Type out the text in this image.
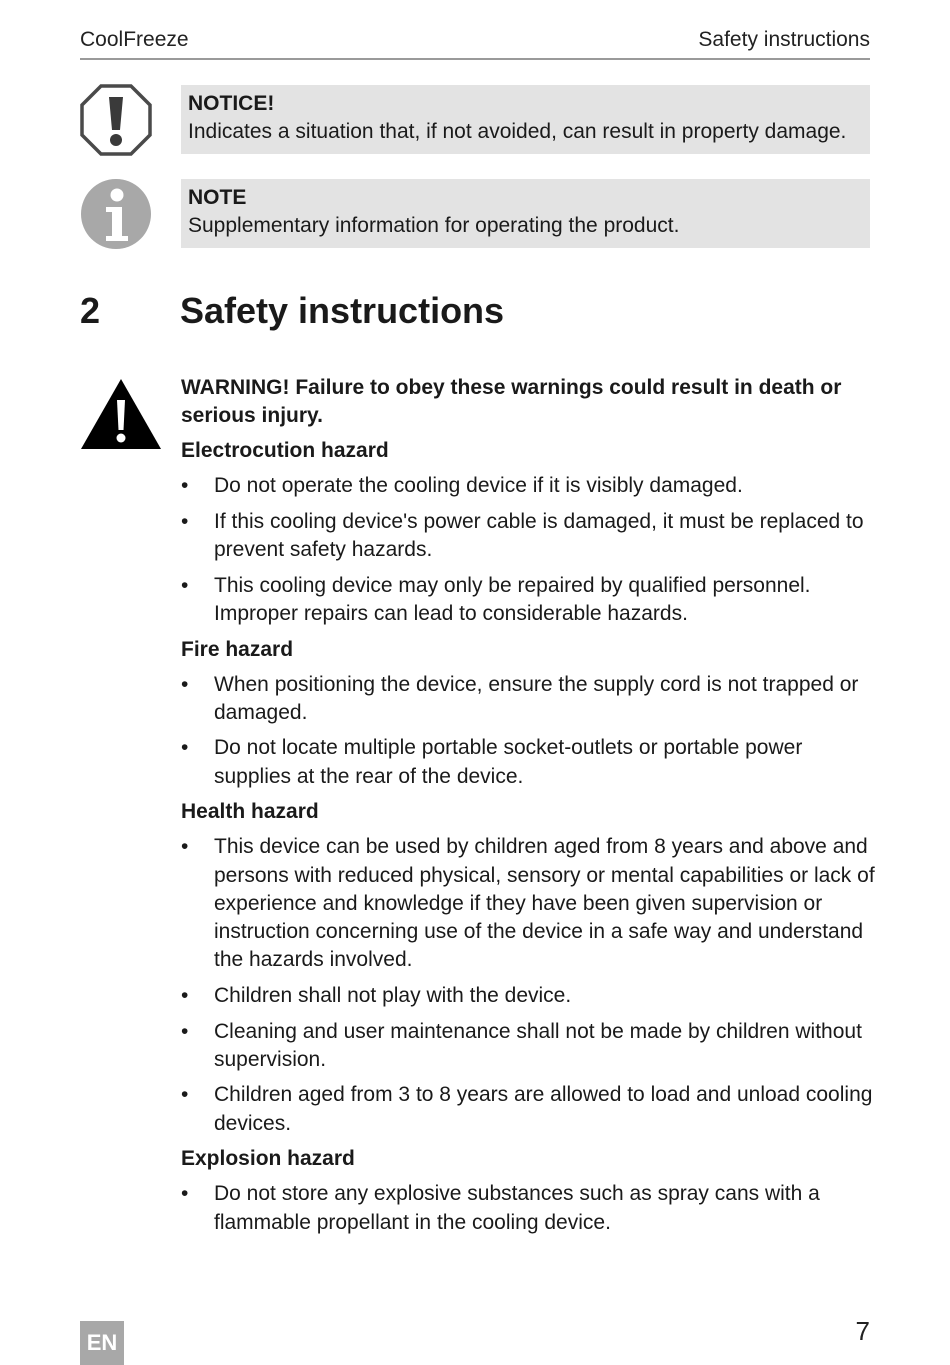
CoolFreeze	Safety instructions
NOTICE!
Indicates a situation that, if not avoided, can result in property damage.
NOTE
Supplementary information for operating the product.
2 Safety instructions

WARNING! Failure to obey these warnings could result in death or serious injury.

Electrocution hazard
• Do not operate the cooling device if it is visibly damaged.
• If this cooling device's power cable is damaged, it must be replaced to prevent safety hazards.
• This cooling device may only be repaired by qualified personnel. Improper repairs can lead to considerable hazards.
Fire hazard
• When positioning the device, ensure the supply cord is not trapped or damaged.
• Do not locate multiple portable socket-outlets or portable power supplies at the rear of the device.
Health hazard
• This device can be used by children aged from 8 years and above and persons with reduced physical, sensory or mental capabilities or lack of experience and knowledge if they have been given supervision or instruction concerning use of the device in a safe way and understand the hazards involved.
• Children shall not play with the device.
• Cleaning and user maintenance shall not be made by children without supervision.
• Children aged from 3 to 8 years are allowed to load and unload cooling devices.
Explosion hazard
• Do not store any explosive substances such as spray cans with a flammable propellant in the cooling device.
EN	7
